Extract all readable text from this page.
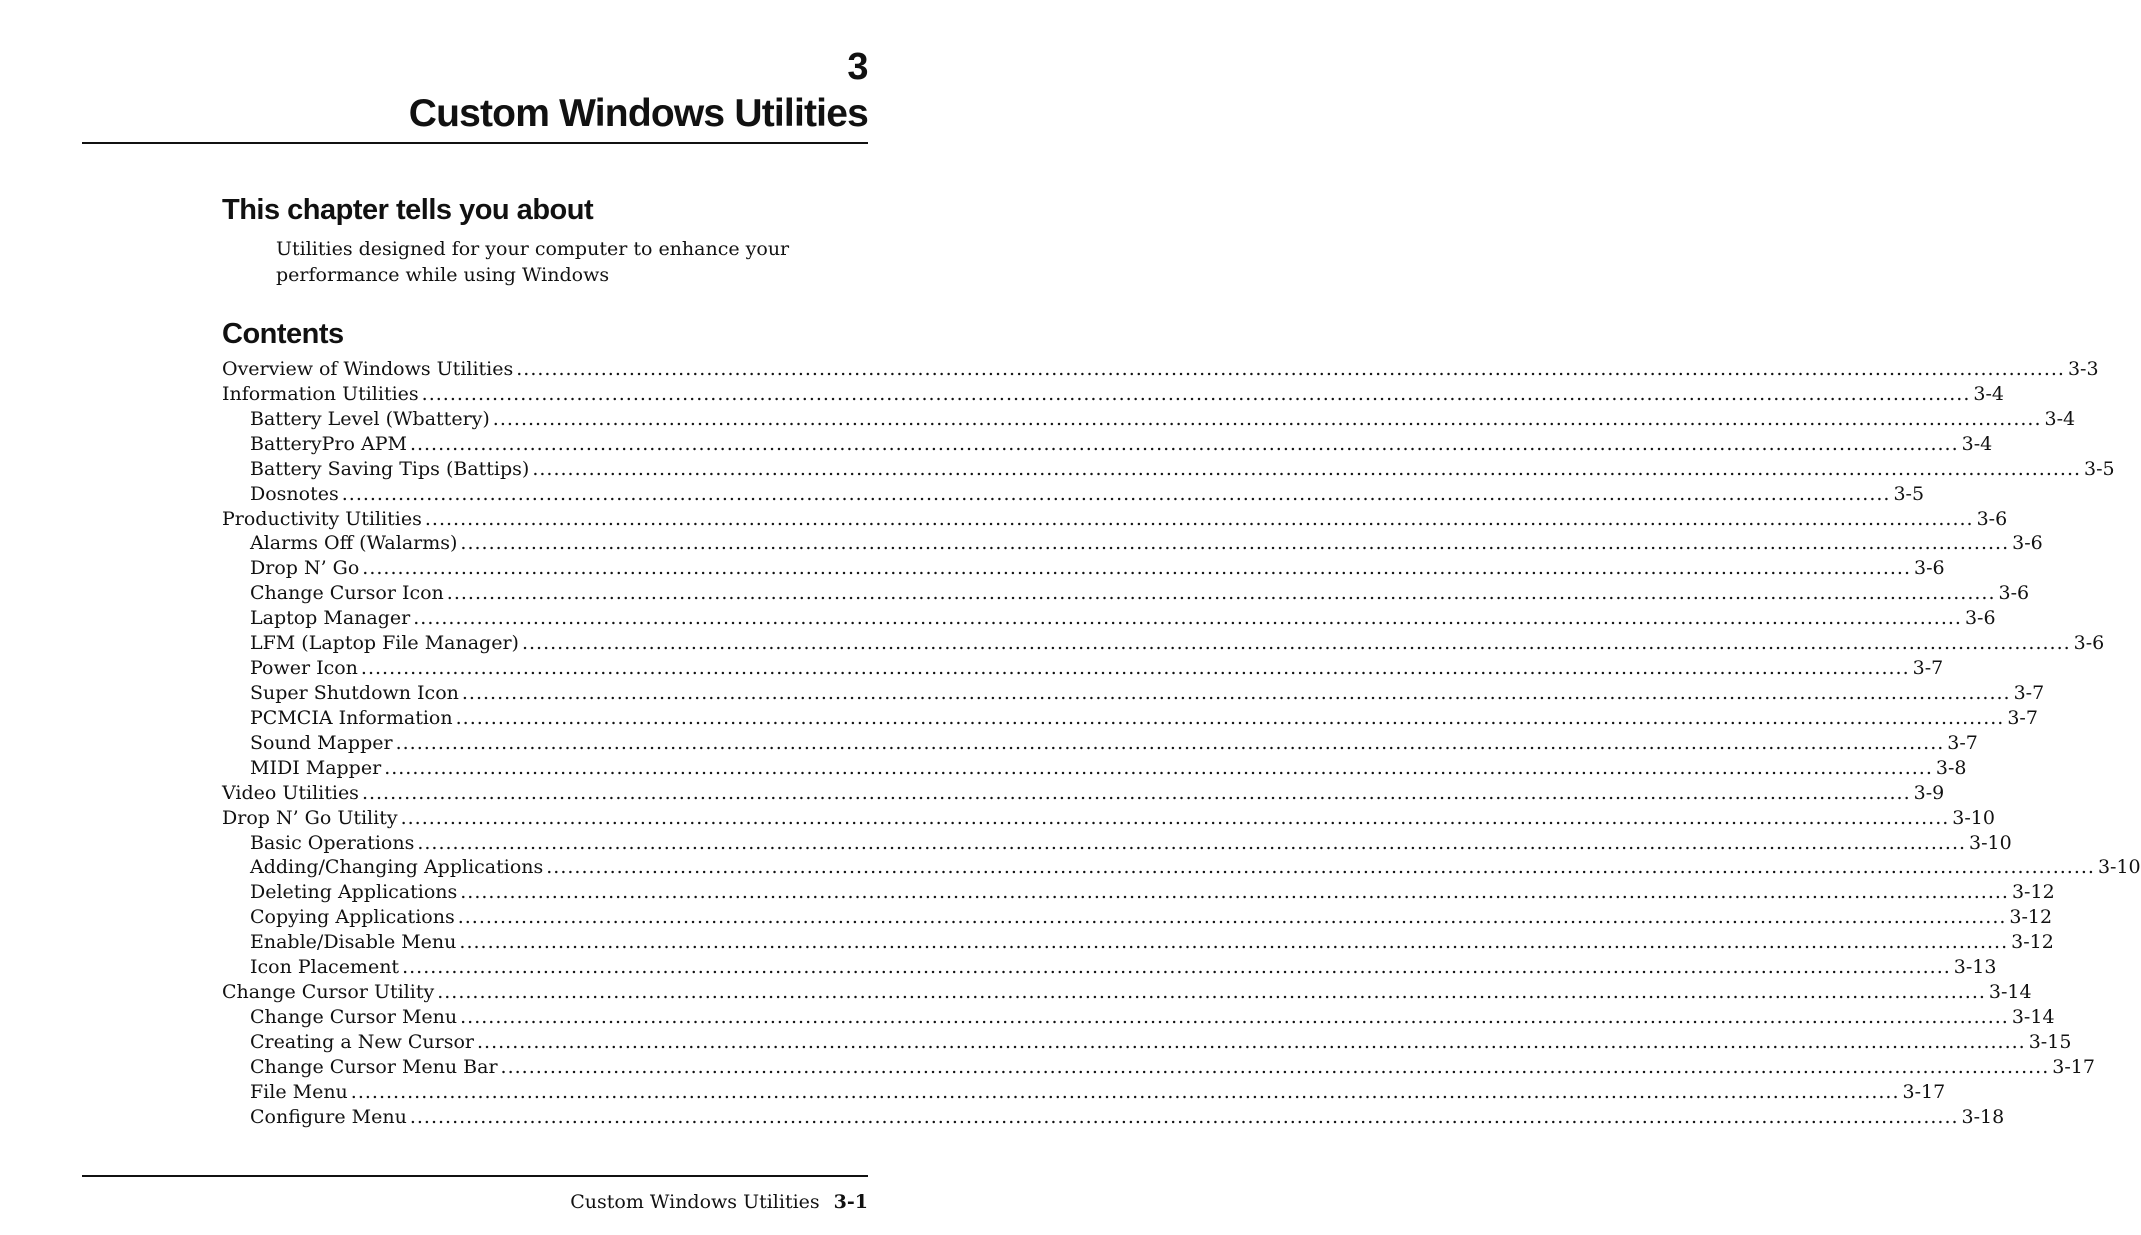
3
Custom Windows Utilities
This chapter tells you about
Utilities designed for your computer to enhance your
performance while using Windows
Contents
Overview of Windows Utilities ............................................................................................................................................................................................................................ 3-3
Information Utilities ............................................................................................................................................................................................................................ 3-4
Battery Level (Wbattery) ............................................................................................................................................................................................................................ 3-4
BatteryPro APM ............................................................................................................................................................................................................................ 3-4
Battery Saving Tips (Battips) ............................................................................................................................................................................................................................ 3-5
Dosnotes ............................................................................................................................................................................................................................ 3-5
Productivity Utilities ............................................................................................................................................................................................................................ 3-6
Alarms Off (Walarms) ............................................................................................................................................................................................................................ 3-6
Drop N’ Go ............................................................................................................................................................................................................................ 3-6
Change Cursor Icon ............................................................................................................................................................................................................................ 3-6
Laptop Manager ............................................................................................................................................................................................................................ 3-6
LFM (Laptop File Manager) ............................................................................................................................................................................................................................ 3-6
Power Icon ............................................................................................................................................................................................................................ 3-7
Super Shutdown Icon ............................................................................................................................................................................................................................ 3-7
PCMCIA Information ............................................................................................................................................................................................................................ 3-7
Sound Mapper ............................................................................................................................................................................................................................ 3-7
MIDI Mapper ............................................................................................................................................................................................................................ 3-8
Video Utilities ............................................................................................................................................................................................................................ 3-9
Drop N’ Go Utility ............................................................................................................................................................................................................................ 3-10
Basic Operations ............................................................................................................................................................................................................................ 3-10
Adding/Changing Applications ............................................................................................................................................................................................................................ 3-10
Deleting Applications ............................................................................................................................................................................................................................ 3-12
Copying Applications ............................................................................................................................................................................................................................ 3-12
Enable/Disable Menu ............................................................................................................................................................................................................................ 3-12
Icon Placement ............................................................................................................................................................................................................................ 3-13
Change Cursor Utility ............................................................................................................................................................................................................................ 3-14
Change Cursor Menu ............................................................................................................................................................................................................................ 3-14
Creating a New Cursor ............................................................................................................................................................................................................................ 3-15
Change Cursor Menu Bar ............................................................................................................................................................................................................................ 3-17
File Menu ............................................................................................................................................................................................................................ 3-17
Configure Menu ............................................................................................................................................................................................................................ 3-18
Custom Windows Utilities 3-1
